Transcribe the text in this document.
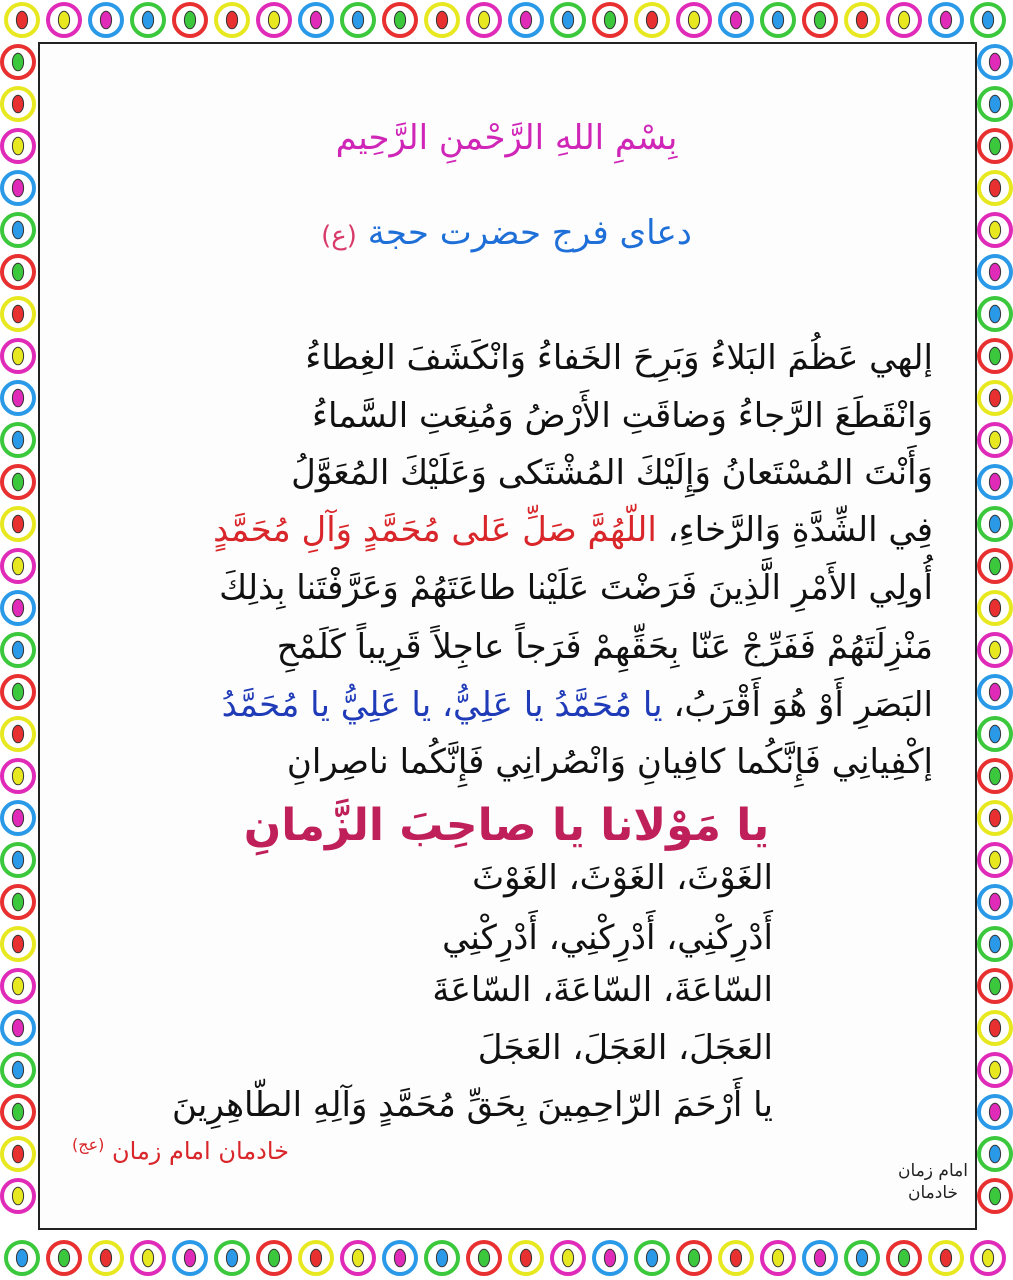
بِسْمِ اللهِ الرَّحْمنِ الرَّحِیم
دعای فرج حضرت حجة (ع)
إلهي عَظُمَ البَلاءُ وَبَرِحَ الخَفاءُ وَانْكَشَفَ الغِطاءُ
وَانْقَطَعَ الرَّجاءُ وَضاقَتِ الأَرْضُ وَمُنِعَتِ السَّماءُ
وَأَنْتَ المُسْتَعانُ وَإِلَيْكَ المُشْتَكى وَعَلَيْكَ المُعَوَّلُ
فِي الشِّدَّةِ وَالرَّخاءِ، اللّهُمَّ صَلِّ عَلى مُحَمَّدٍ وَآلِ مُحَمَّدٍ
أُولِي الأَمْرِ الَّذِينَ فَرَضْتَ عَلَيْنا طاعَتَهُمْ وَعَرَّفْتَنا بِذلِكَ
مَنْزِلَتَهُمْ فَفَرِّجْ عَنّا بِحَقِّهِمْ فَرَجاً عاجِلاً قَرِيباً كَلَمْحِ
البَصَرِ أَوْ هُوَ أَقْرَبُ، يا مُحَمَّدُ يا عَلِيُّ، يا عَلِيُّ يا مُحَمَّدُ
إكْفِيانِي فَإِنَّكُما كافِيانِ وَانْصُرانِي فَإِنَّكُما ناصِرانِ
يا مَوْلانا يا صاحِبَ الزَّمانِ
الغَوْثَ، الغَوْثَ، الغَوْثَ
أَدْرِكْنِي، أَدْرِكْنِي، أَدْرِكْنِي
السّاعَةَ، السّاعَةَ، السّاعَةَ
العَجَلَ، العَجَلَ، العَجَلَ
يا أَرْحَمَ الرّاحِمِينَ بِحَقِّ مُحَمَّدٍ وَآلِهِ الطّاهِرِينَ
خادمان امام زمان $^{(عج)}$
امام زمان
خادمان
